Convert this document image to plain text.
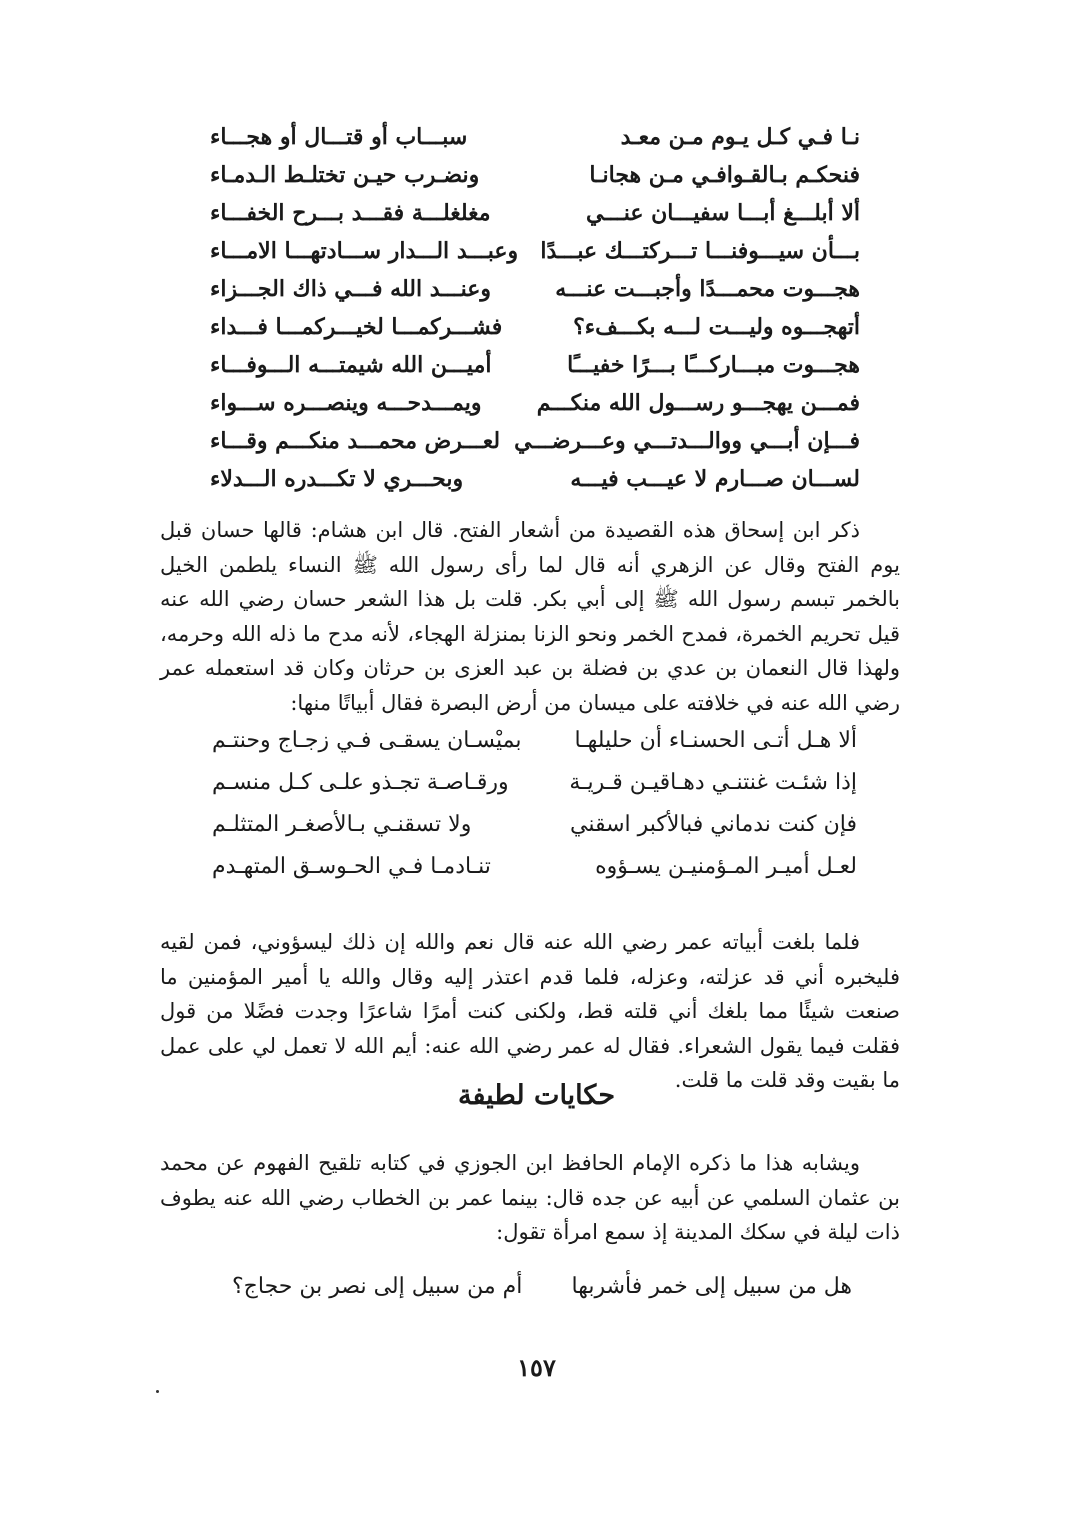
نـا فـي كـل يـوم مـن معـد
سبـــاب أو قتـــال أو هجـــاء
فنحكـم بـالقـوافـي مـن هجانـا
ونضـرب حيـن تختلـط الـدمـاء
ألا أبلـــغ أبـــا سفيـــان عنـــي
مغلغلـــة فقـــد بـــرح الخفـــاء
بـــأن سيـــوفنـــا تـــركتـــك عبـــدًا
وعبـــد الـــدار ســـادتهـــا الامـــاء
هجـــوت محمـــدًا وأجبـــت عنـــه
وعنـــد الله فـــي ذاك الجـــزاء
أتهجـــوه وليـــت لـــه بكـــفء؟
فشـــركمـــا لخيـــركمـــا فـــداء
هجـــوت مبـــاركـــًا بـــرًا خفيـــًا
أميـــن الله شيمتـــه الـــوفـــاء
فمـــن يهجـــو رســـول الله منكـــم
ويمـــدحـــه وينصـــره ســـواء
فـــإن أبـــي ووالـــدتـــي وعـــرضـــي
لعـــرض محمـــد منكـــم وقـــاء
لســـان صـــارم لا عيـــب فيـــه
وبحـــري لا تكـــدره الـــدلاء
ذكر ابن إسحاق هذه القصيدة من أشعار الفتح. قال ابن هشام: قالها حسان قبل يوم الفتح وقال عن الزهري أنه قال لما رأى رسول الله ﷺ النساء يلطمن الخيل بالخمر تبسم رسول الله ﷺ إلى أبي بكر. قلت بل هذا الشعر حسان رضي الله عنه قيل تحريم الخمرة، فمدح الخمر ونحو الزنا بمنزلة الهجاء، لأنه مدح ما ذله الله وحرمه، ولهذا قال النعمان بن عدي بن فضلة بن عبد العزى بن حرثان وكان قد استعمله عمر رضي الله عنه في خلافته على ميسان من أرض البصرة فقال أبياتًا منها:
ألا هـل أتـى الحسنـاء أن حليلهـا
بميْسـان يسقـى فـي زجـاج وحنتـم
إذا شئـت غنتنـي دهـاقيـن قـريـة
ورقـاصـة تجـذو علـى كـل منسـم
فإن كنت ندماني فبالأكبر اسقني
ولا تسقنـي بـالأصغـر المتثلـم
لعـل أميـر المـؤمنيـن يسـؤوه
تنـادمـا فـي الحـوسـق المتهـدم
فلما بلغت أبياته عمر رضي الله عنه قال نعم والله إن ذلك ليسؤوني، فمن لقيه فليخبره أني قد عزلته، وعزله، فلما قدم اعتذر إليه وقال والله يا أمير المؤمنين ما صنعت شيئًا مما بلغك أني قلته قط، ولكنى كنت أمرًا شاعرًا وجدت فضًلا من قول فقلت فيما يقول الشعراء. فقال له عمر رضي الله عنه: أيم الله لا تعمل لي على عمل ما بقيت وقد قلت ما قلت.
حكايات لطيفة
ويشابه هذا ما ذكره الإمام الحافظ ابن الجوزي في كتابه تلقيح الفهوم عن محمد بن عثمان السلمي عن أبيه عن جده قال: بينما عمر بن الخطاب رضي الله عنه يطوف ذات ليلة في سكك المدينة إذ سمع امرأة تقول:
هل من سبيل إلى خمر فأشربها
أم من سبيل إلى نصر بن حجاج؟
١٥٧
